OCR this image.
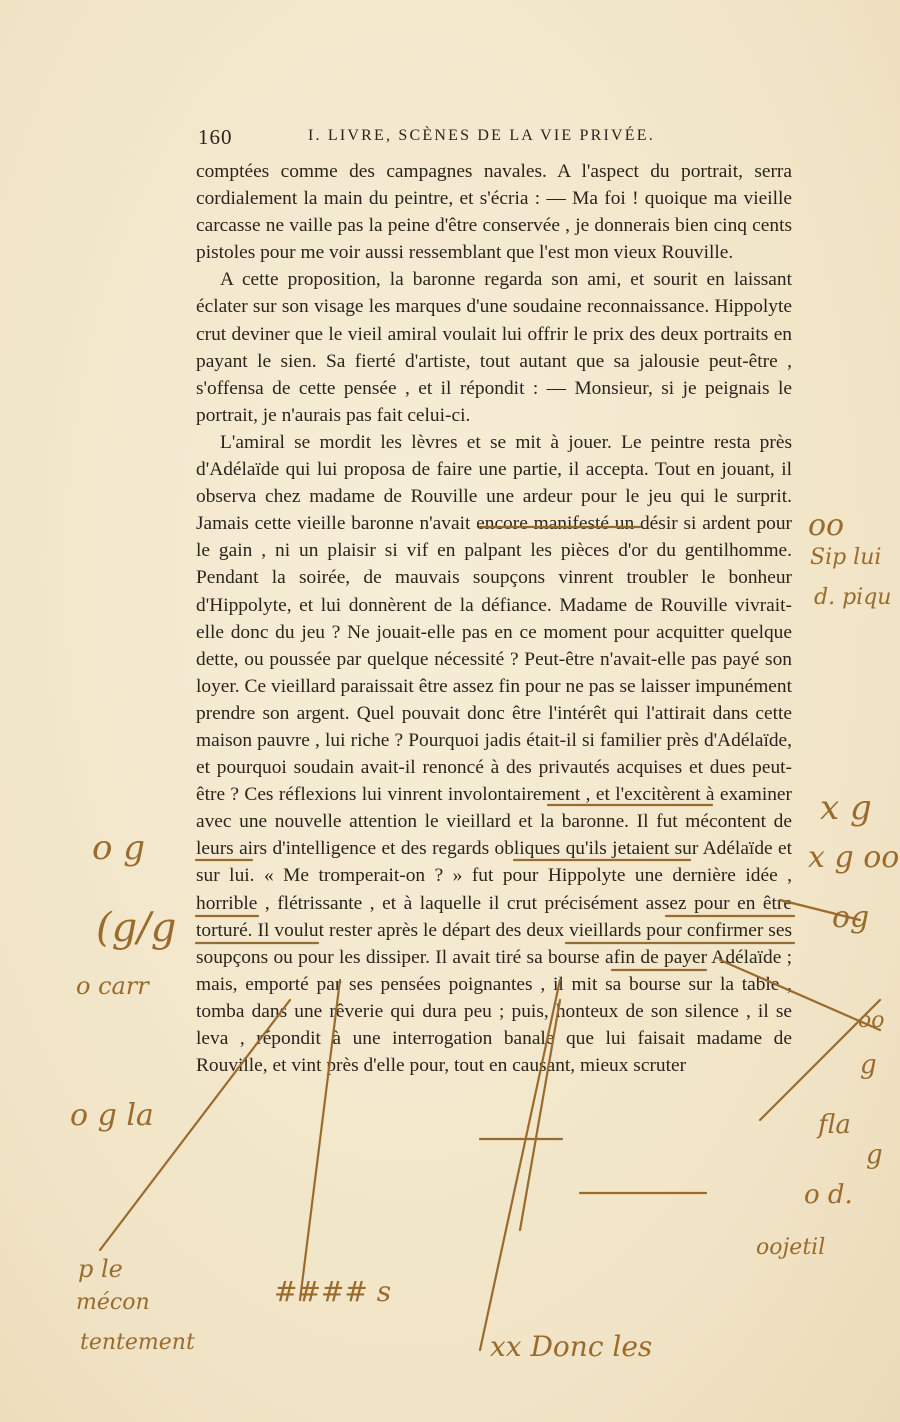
160	I. LIVRE, SCÈNES DE LA VIE PRIVÉE.

comptées comme des campagnes navales. A l'aspect du portrait, serra cordialement la main du peintre, et s'écria : — Ma foi ! quoique ma vieille carcasse ne vaille pas la peine d'être conservée , je donnerais bien cinq cents pistoles pour me voir aussi ressemblant que l'est mon vieux Rouville.

A cette proposition, la baronne regarda son ami, et sourit en laissant éclater sur son visage les marques d'une soudaine reconnaissance. Hippolyte crut deviner que le vieil amiral voulait lui offrir le prix des deux portraits en payant le sien. Sa fierté d'artiste, tout autant que sa jalousie peut-être , s'offensa de cette pensée , et il répondit : — Monsieur, si je peignais le portrait, je n'aurais pas fait celui-ci.

L'amiral se mordit les lèvres et se mit à jouer. Le peintre resta près d'Adélaïde qui lui proposa de faire une partie, il accepta. Tout en jouant, il observa chez madame de Rouville une ardeur pour le jeu qui le surprit. Jamais cette vieille baronne n'avait encore manifesté un désir si ardent pour le gain , ni un plaisir si vif en palpant les pièces d'or du gentilhomme. Pendant la soirée, de mauvais soupçons vinrent troubler le bonheur d'Hippolyte, et lui donnèrent de la défiance. Madame de Rouville vivrait-elle donc du jeu ? Ne jouait-elle pas en ce moment pour acquitter quelque dette, ou poussée par quelque nécessité ? Peut-être n'avait-elle pas payé son loyer. Ce vieillard paraissait être assez fin pour ne pas se laisser impunément prendre son argent. Quel pouvait donc être l'intérêt qui l'attirait dans cette maison pauvre , lui riche ? Pourquoi jadis était-il si familier près d'Adélaïde, et pourquoi soudain avait-il renoncé à des privautés acquises et dues peut-être ? Ces réflexions lui vinrent involontairement , et l'excitèrent à examiner avec une nouvelle attention le vieillard et la baronne. Il fut mécontent de leurs airs d'intelligence et des regards obliques qu'ils jetaient sur Adélaïde et sur lui. « Me tromperait-on ? » fut pour Hippolyte une dernière idée , horrible , flétrissante , et à laquelle il crut précisément assez pour en être torturé. Il voulut rester après le départ des deux vieillards pour confirmer ses soupçons ou pour les dissiper. Il avait tiré sa bourse afin de payer Adélaïde ; mais, emporté par ses pensées poignantes , il mit sa bourse sur la table , tomba dans une rêverie qui dura peu ; puis, honteux de son silence , il se leva , répondit à une interrogation banale que lui faisait madame de Rouville, et vint près d'elle pour, tout en causant, mieux scruter

oo
Sip lui
d. piqu
x g
x g oo
og
oo
g
fla
g
o d.
oojetil
o g
(g/g
o carr
o g la
p le
mécon
tentement
#### s
xx Donc les
